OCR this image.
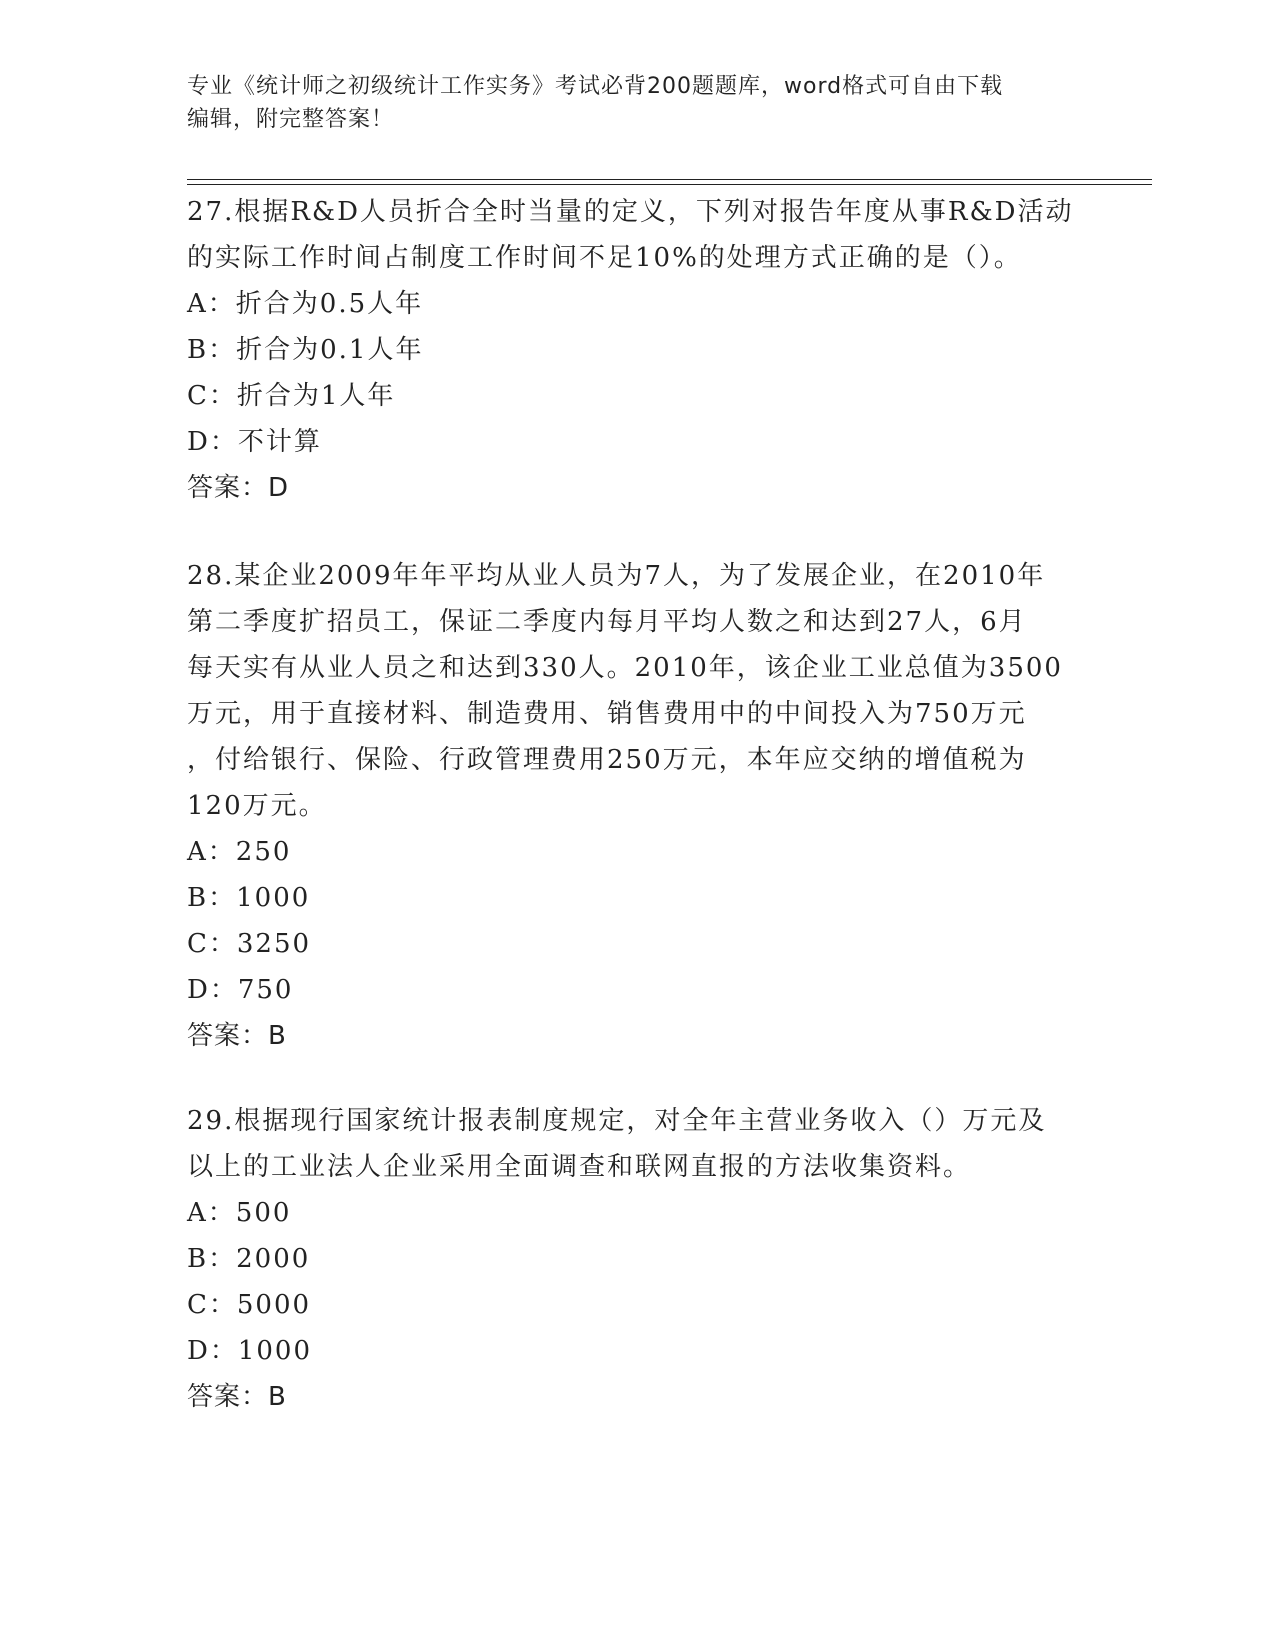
专业《统计师之初级统计工作实务》考试必背200题题库，word格式可自由下载
编辑，附完整答案！
27.根据R&D人员折合全时当量的定义，下列对报告年度从事R&D活动
的实际工作时间占制度工作时间不足10%的处理方式正确的是（）。
A：折合为0.5人年
B：折合为0.1人年
C：折合为1人年
D：不计算
答案：D
28.某企业2009年年平均从业人员为7人，为了发展企业，在2010年
第二季度扩招员工，保证二季度内每月平均人数之和达到27人，6月
每天实有从业人员之和达到330人。2010年，该企业工业总值为3500
万元，用于直接材料、制造费用、销售费用中的中间投入为750万元
，付给银行、保险、行政管理费用250万元，本年应交纳的增值税为
120万元。
A：250
B：1000
C：3250
D：750
答案：B
29.根据现行国家统计报表制度规定，对全年主营业务收入（）万元及
以上的工业法人企业采用全面调查和联网直报的方法收集资料。
A：500
B：2000
C：5000
D：1000
答案：B
